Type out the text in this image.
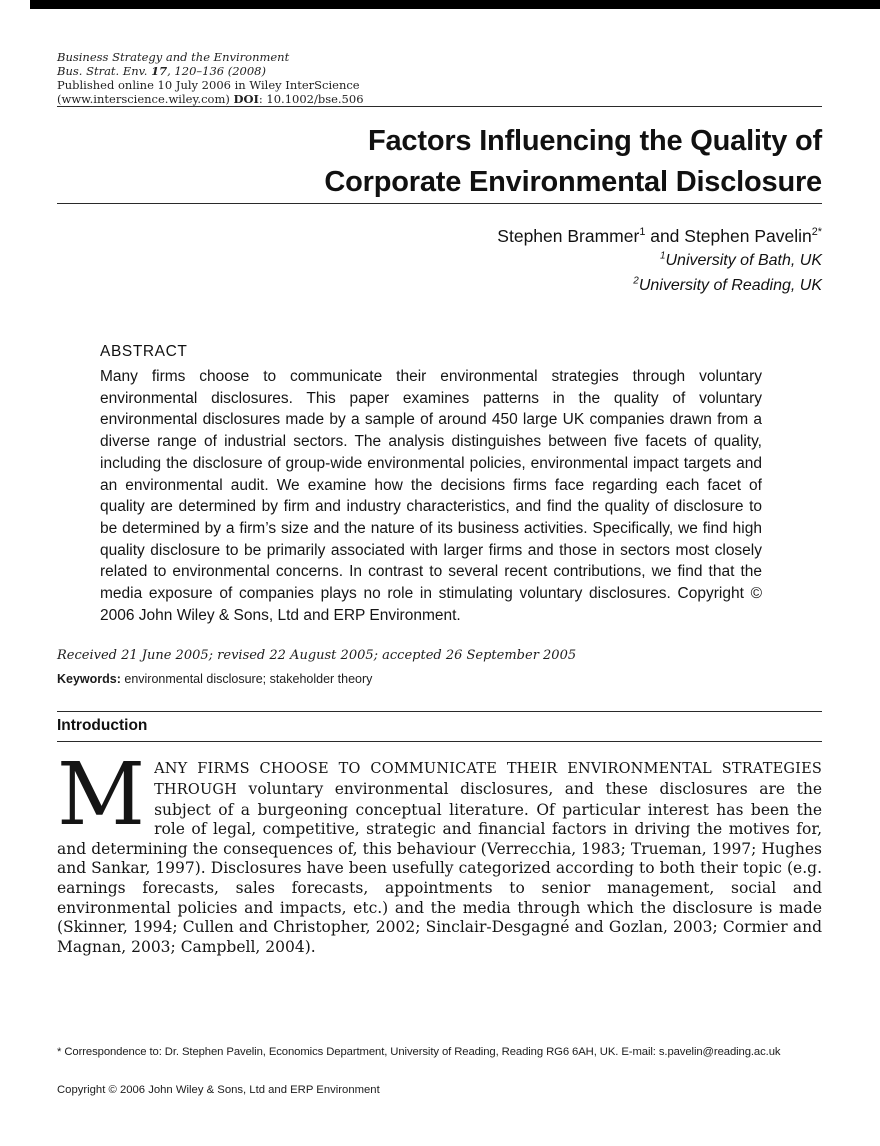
Business Strategy and the Environment
Bus. Strat. Env. 17, 120–136 (2008)
Published online 10 July 2006 in Wiley InterScience
(www.interscience.wiley.com) DOI: 10.1002/bse.506
Factors Influencing the Quality of
Corporate Environmental Disclosure
Stephen Brammer$^1$ and Stephen Pavelin$^{2*}$
$^1$University of Bath, UK
$^2$University of Reading, UK
ABSTRACT

Many firms choose to communicate their environmental strategies through voluntary environmental disclosures. This paper examines patterns in the quality of voluntary environmental disclosures made by a sample of around 450 large UK companies drawn from a diverse range of industrial sectors. The analysis distinguishes between five facets of quality, including the disclosure of group-wide environmental policies, environmental impact targets and an environmental audit. We examine how the decisions firms face regarding each facet of quality are determined by firm and industry characteristics, and find the quality of disclosure to be determined by a firm’s size and the nature of its business activities. Specifically, we find high quality disclosure to be primarily associated with larger firms and those in sectors most closely related to environmental concerns. In contrast to several recent contributions, we find that the media exposure of companies plays no role in stimulating voluntary disclosures. Copyright © 2006 John Wiley & Sons, Ltd and ERP Environment.

Received 21 June 2005; revised 22 August 2005; accepted 26 September 2005
Keywords: environmental disclosure; stakeholder theory
Introduction

MANY FIRMS CHOOSE TO COMMUNICATE THEIR ENVIRONMENTAL STRATEGIES THROUGH voluntary environmental disclosures, and these disclosures are the subject of a burgeoning conceptual literature. Of particular interest has been the role of legal, competitive, strategic and financial factors in driving the motives for, and determining the consequences of, this behaviour (Verrecchia, 1983; Trueman, 1997; Hughes and Sankar, 1997). Disclosures have been usefully categorized according to both their topic (e.g. earnings forecasts, sales forecasts, appointments to senior management, social and environmental policies and impacts, etc.) and the media through which the disclosure is made (Skinner, 1994; Cullen and Christopher, 2002; Sinclair-Desgagné and Gozlan, 2003; Cormier and Magnan, 2003; Campbell, 2004).

* Correspondence to: Dr. Stephen Pavelin, Economics Department, University of Reading, Reading RG6 6AH, UK. E-mail: s.pavelin@reading.ac.uk
Copyright © 2006 John Wiley & Sons, Ltd and ERP Environment
